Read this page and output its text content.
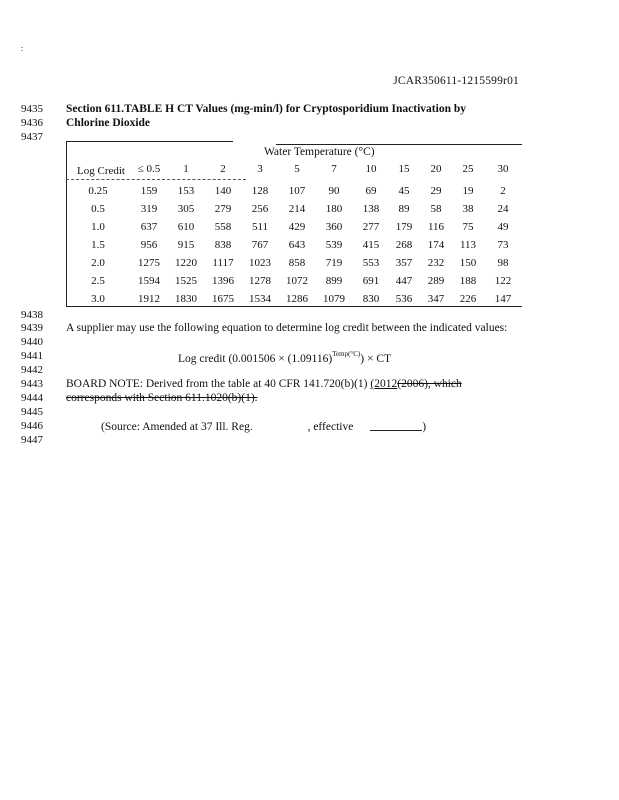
:
JCAR350611-1215599r01
9435
9436
9437
9438
9439
9440
9441
9442
9443
9444
9445
9446
9447
Section 611.TABLE H CT Values (mg-min/l) for Cryptosporidium Inactivation by
Chlorine Dioxide
Water Temperature (°C)
Log Credit	≤ 0.5	1	2	3	5	7	10	15	20	25	30
0.25	159	153	140	128	107	90	69	45	29	19	2
0.5	319	305	279	256	214	180	138	89	58	38	24
1.0	637	610	558	511	429	360	277	179	116	75	49
1.5	956	915	838	767	643	539	415	268	174	113	73
2.0	1275	1220	1117	1023	858	719	553	357	232	150	98
2.5	1594	1525	1396	1278	1072	899	691	447	289	188	122
3.0	1912	1830	1675	1534	1286	1079	830	536	347	226	147
A supplier may use the following equation to determine log credit between the indicated values:
Log credit $(0.001506 \times (1.09116)^{Temp(^\circ C)})$ × CT
BOARD NOTE: Derived from the table at 40 CFR 141.720(b)(1) (2012(2006), which
corresponds with Section 611.1020(b)(1).
(Source: Amended at 37 Ill. Reg.	, effective	)
